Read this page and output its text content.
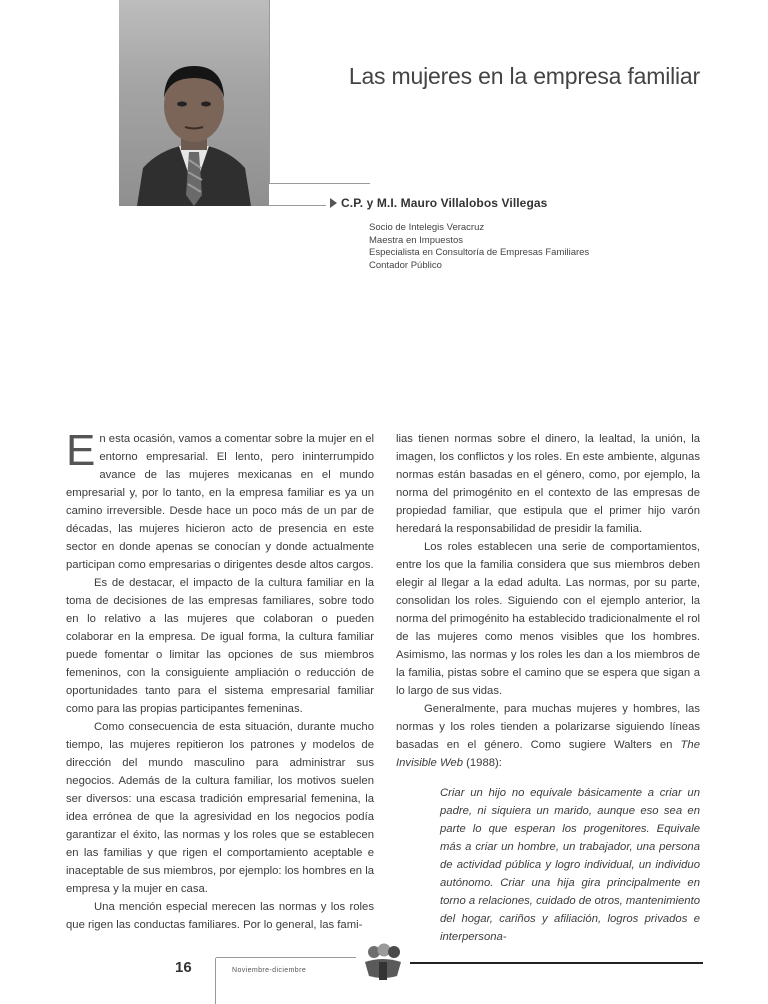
Las mujeres en la empresa familiar
C.P. y M.I. Mauro Villalobos Villegas
Socio de Intelegis Veracruz
Maestra en Impuestos
Especialista en Consultoría de Empresas Familiares
Contador Público

En esta ocasión, vamos a comentar sobre la mujer en el entorno empresarial. El lento, pero ininterrumpido avance de las mujeres mexicanas en el mundo empresarial y, por lo tanto, en la empresa familiar es ya un camino irreversible. Desde hace un poco más de un par de décadas, las mujeres hicieron acto de presencia en este sector en donde apenas se conocían y donde actualmente participan como empresarias o dirigentes desde altos cargos.

Es de destacar, el impacto de la cultura familiar en la toma de decisiones de las empresas familiares, sobre todo en lo relativo a las mujeres que colaboran o pueden colaborar en la empresa. De igual forma, la cultura familiar puede fomentar o limitar las opciones de sus miembros femeninos, con la consiguiente ampliación o reducción de oportunidades tanto para el sistema empresarial familiar como para las propias participantes femeninas.

Como consecuencia de esta situación, durante mucho tiempo, las mujeres repitieron los patrones y modelos de dirección del mundo masculino para administrar sus negocios. Además de la cultura familiar, los motivos suelen ser diversos: una escasa tradición empresarial femenina, la idea errónea de que la agresividad en los negocios podía garantizar el éxito, las normas y los roles que se establecen en las familias y que rigen el comportamiento aceptable e inaceptable de sus miembros, por ejemplo: los hombres en la empresa y la mujer en casa.

Una mención especial merecen las normas y los roles que rigen las conductas familiares. Por lo general, las fami-

lias tienen normas sobre el dinero, la lealtad, la unión, la imagen, los conflictos y los roles. En este ambiente, algunas normas están basadas en el género, como, por ejemplo, la norma del primogénito en el contexto de las empresas de propiedad familiar, que estipula que el primer hijo varón heredará la responsabilidad de presidir la familia.

Los roles establecen una serie de comportamientos, entre los que la familia considera que sus miembros deben elegir al llegar a la edad adulta. Las normas, por su parte, consolidan los roles. Siguiendo con el ejemplo anterior, la norma del primogénito ha establecido tradicionalmente el rol de las mujeres como menos visibles que los hombres. Asimismo, las normas y los roles les dan a los miembros de la familia, pistas sobre el camino que se espera que sigan a lo largo de sus vidas.

Generalmente, para muchas mujeres y hombres, las normas y los roles tienden a polarizarse siguiendo líneas basadas en el género. Como sugiere Walters en The Invisible Web (1988):

Criar un hijo no equivale básicamente a criar un padre, ni siquiera un marido, aunque eso sea en parte lo que esperan los progenitores. Equivale más a criar un hombre, un trabajador, una persona de actividad pública y logro individual, un individuo autónomo. Criar una hija gira principalmente en torno a relaciones, cuidado de otros, mantenimiento del hogar, cariños y afiliación, logros privados e interpersona-

16	Noviembre-diciembre
